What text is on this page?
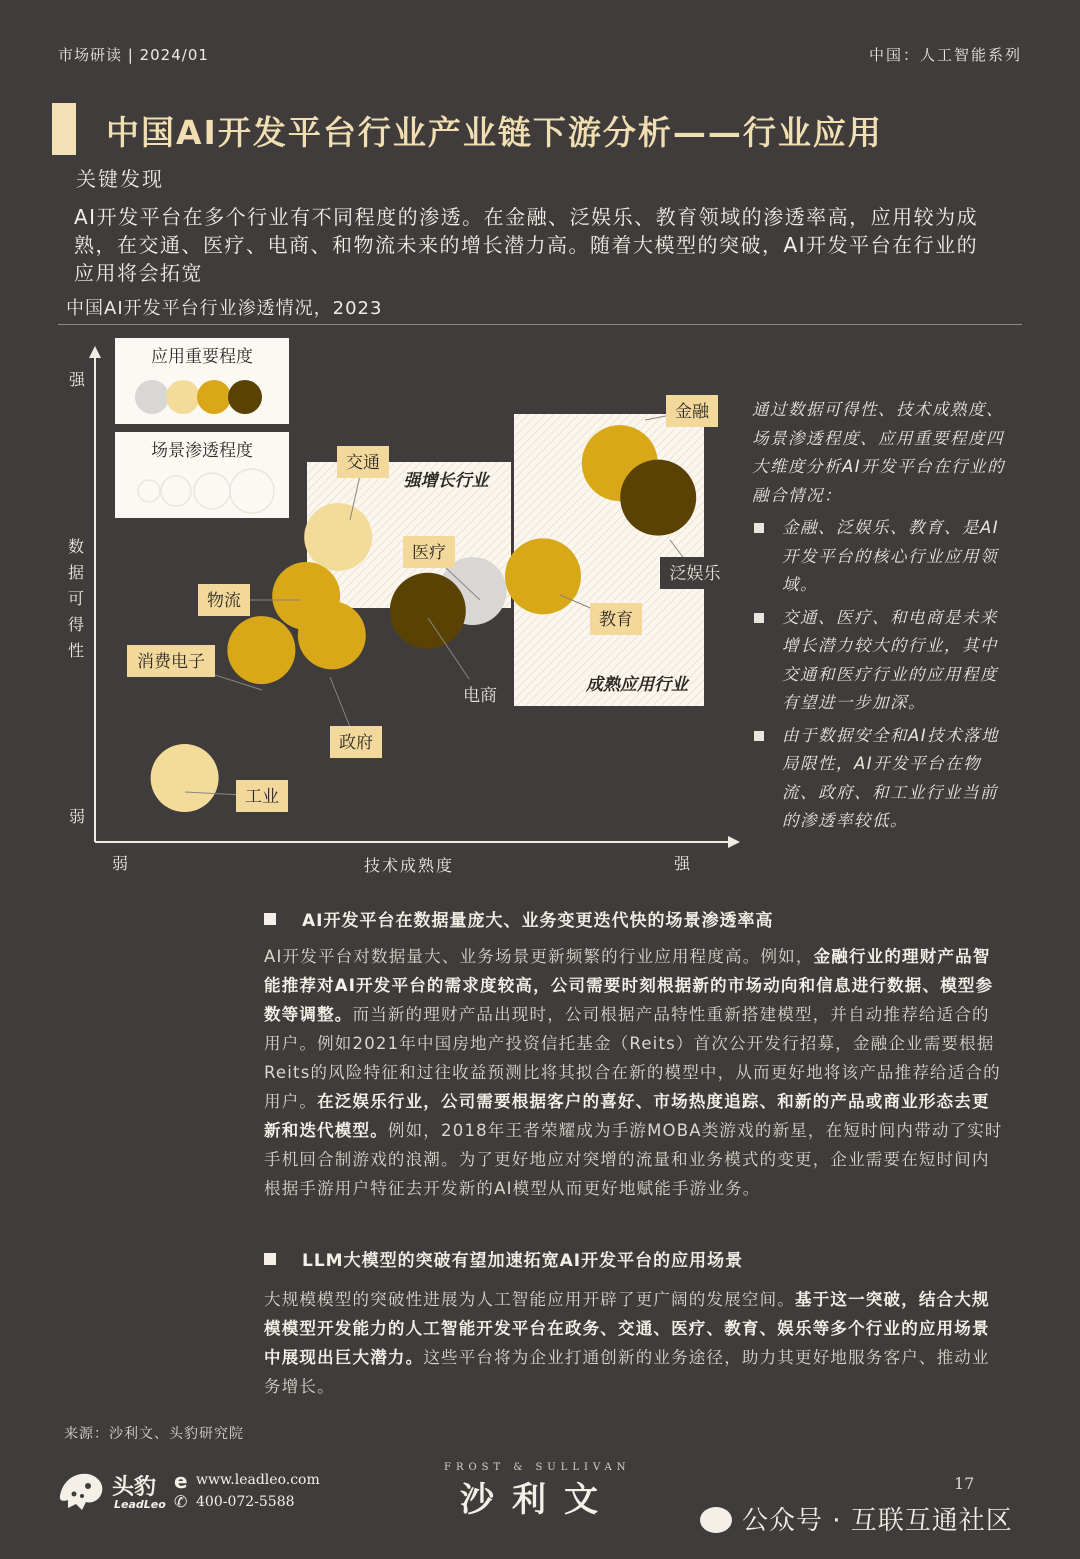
市场研读 | 2024/01	中国：人工智能系列
中国AI开发平台行业产业链下游分析——行业应用
关键发现
AI开发平台在多个行业有不同程度的渗透。在金融、泛娱乐、教育领域的渗透率高，应用较为成熟，在交通、医疗、电商、和物流未来的增长潜力高。随着大模型的突破，AI开发平台在行业的应用将会拓宽
中国AI开发平台行业渗透情况，2023
强增长行业
成熟应用行业
应用重要程度
场景渗透程度
金融
泛娱乐
教育
交通
医疗
电商
物流
消费电子
政府
工业
强
弱
弱	强
技术成熟度
数
据
可
得
性
通过数据可得性、技术成熟度、场景渗透程度、应用重要程度四大维度分析AI开发平台在行业的融合情况：
金融、泛娱乐、教育、是AI开发平台的核心行业应用领域。
交通、医疗、和电商是未来增长潜力较大的行业，其中交通和医疗行业的应用程度有望进一步加深。
由于数据安全和AI技术落地局限性，AI开发平台在物流、政府、和工业行业当前的渗透率较低。
AI开发平台在数据量庞大、业务变更迭代快的场景渗透率高
AI开发平台对数据量大、业务场景更新频繁的行业应用程度高。例如，金融行业的理财产品智能推荐对AI开发平台的需求度较高，公司需要时刻根据新的市场动向和信息进行数据、模型参数等调整。而当新的理财产品出现时，公司根据产品特性重新搭建模型，并自动推荐给适合的用户。例如2021年中国房地产投资信托基金（Reits）首次公开发行招募，金融企业需要根据Reits的风险特征和过往收益预测比将其拟合在新的模型中，从而更好地将该产品推荐给适合的用户。在泛娱乐行业，公司需要根据客户的喜好、市场热度追踪、和新的产品或商业形态去更新和迭代模型。例如，2018年王者荣耀成为手游MOBA类游戏的新星，在短时间内带动了实时手机回合制游戏的浪潮。为了更好地应对突增的流量和业务模式的变更，企业需要在短时间内根据手游用户特征去开发新的AI模型从而更好地赋能手游业务。
LLM大模型的突破有望加速拓宽AI开发平台的应用场景
大规模模型的突破性进展为人工智能应用开辟了更广阔的发展空间。基于这一突破，结合大规模模型开发能力的人工智能开发平台在政务、交通、医疗、教育、娱乐等多个行业的应用场景中展现出巨大潜力。这些平台将为企业打通创新的业务途径，助力其更好地服务客户、推动业务增长。
来源：沙利文、头豹研究院
头豹
LeadLeo
e www.leadleo.com
✆ 400-072-5588
FROST & SULLIVAN
沙利文	17
公众号 · 互联互通社区
